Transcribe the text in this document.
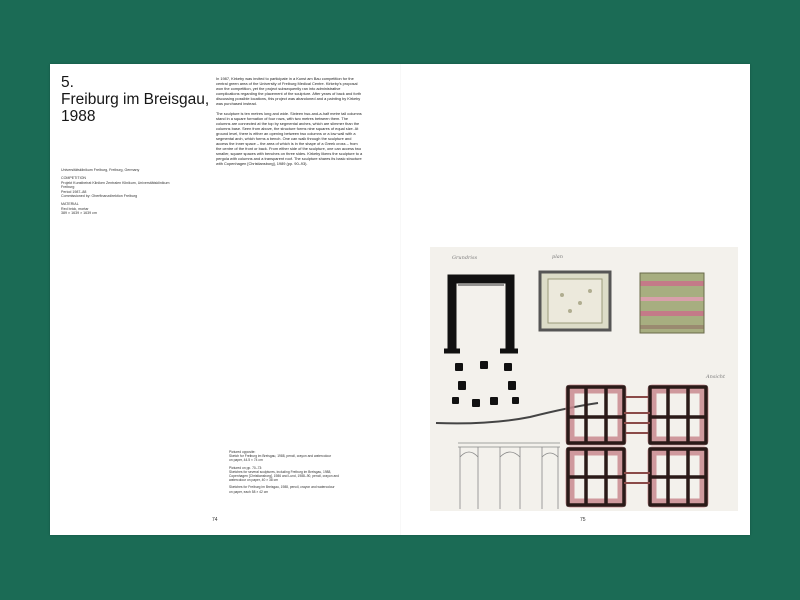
5.
Freiburg im Breisgau,
1988

Universitätsklinikum Freiburg, Freiburg, Germany

COMPETITION
Projekt Kunstbeirat Kliniken Zentralen Klinikum, Universitätsklinikum
Freiburg
Period 1987–88
Commissioned by: Oberfinanzdirektion Freiburg

MATERIAL
Red brick, mortar
389 × 1639 × 1639 cm

In 1987, Kirkeby was invited to participate in a Kunst am Bau competition for the central green area of the University of Freiburg Medical Centre. Kirkeby's proposal won the competition, yet the project subsequently ran into administrative complications regarding the placement of the sculpture. After years of back and forth discussing possible locations, this project was abandoned and a painting by Kirkeby was purchased instead.

The sculpture is ten metres long and wide. Sixteen two-and-a-half metre tall columns stand in a square formation of four rows, with two metres between them. The columns are connected at the top by segmental arches, which are slimmer than the columns base. Seen from above, the structure forms nine squares of equal size. At ground level, there is either an opening between two columns or a low wall with a segmental arch, which forms a bench. One can walk through the sculpture and access the inner space – the area of which is in the shape of a Greek cross – from the centre of the front or back. From either side of the sculpture, one can access two smaller, square spaces with benches on three sides. Kirkeby likens the sculpture to a pergola with columns and a transparent roof. The sculpture shares its basic structure with Copenhagen [Christiansborg], 1989 (pp. 90–93).

Pictured opposite:
Sketch for Freiburg im Breisgau, 1988, pencil, crayon and watercolour
on paper, 44.5 × 74 cm

Pictured on pp. 70–73:
Sketches for several sculptures, including Freiburg im Breisgau, 1988,
Copenhagen [Christiansborg], 1986 and Lund, 1988–90, pencil, crayon and
watercolour on paper, 40 × 38 cm

Sketches for Freiburg im Breisgau, 1988, pencil, crayon and watercolour
on paper, each 58 × 42 cm

74	75
Grundriss	plan
Ansicht
